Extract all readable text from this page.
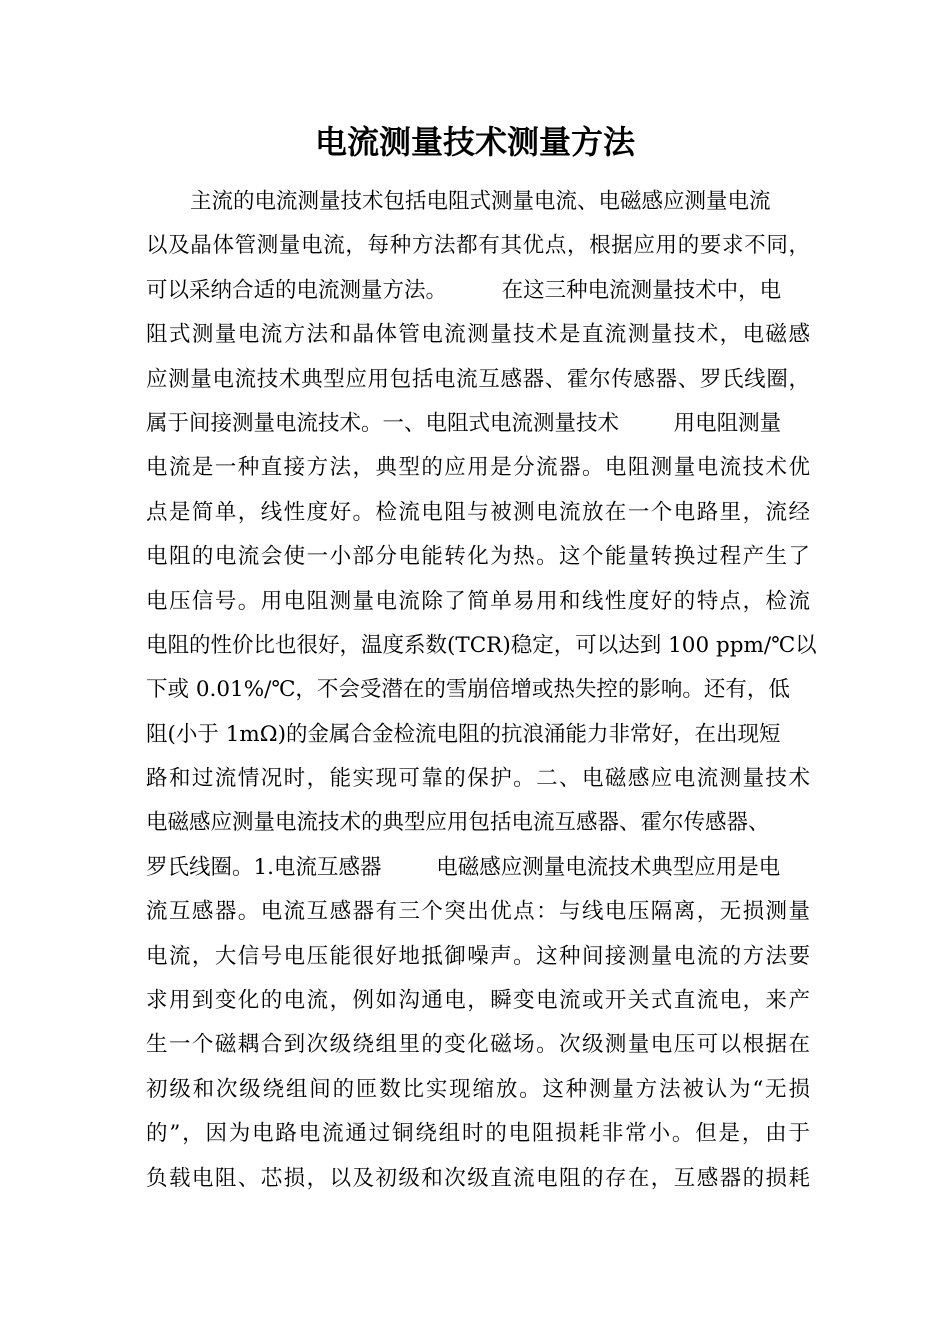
电流测量技术测量方法
主流的电流测量技术包括电阻式测量电流、电磁感应测量电流
以及晶体管测量电流，每种方法都有其优点，根据应用的要求不同，
可以采纳合适的电流测量方法。        在这三种电流测量技术中，电
阻式测量电流方法和晶体管电流测量技术是直流测量技术，电磁感
应测量电流技术典型应用包括电流互感器、霍尔传感器、罗氏线圈，
属于间接测量电流技术。一、电阻式电流测量技术        用电阻测量
电流是一种直接方法，典型的应用是分流器。电阻测量电流技术优
点是简单，线性度好。检流电阻与被测电流放在一个电路里，流经
电阻的电流会使一小部分电能转化为热。这个能量转换过程产生了
电压信号。用电阻测量电流除了简单易用和线性度好的特点，检流
电阻的性价比也很好，温度系数(TCR)稳定，可以达到 100 ppm/℃以
下或 0.01%/℃，不会受潜在的雪崩倍增或热失控的影响。还有，低
阻(小于 1mΩ)的金属合金检流电阻的抗浪涌能力非常好，在出现短
路和过流情况时，能实现可靠的保护。二、电磁感应电流测量技术
电磁感应测量电流技术的典型应用包括电流互感器、霍尔传感器、
罗氏线圈。1.电流互感器        电磁感应测量电流技术典型应用是电
流互感器。电流互感器有三个突出优点：与线电压隔离，无损测量
电流，大信号电压能很好地抵御噪声。这种间接测量电流的方法要
求用到变化的电流，例如沟通电，瞬变电流或开关式直流电，来产
生一个磁耦合到次级绕组里的变化磁场。次级测量电压可以根据在
初级和次级绕组间的匝数比实现缩放。这种测量方法被认为“无损
的”，因为电路电流通过铜绕组时的电阻损耗非常小。但是，由于
负载电阻、芯损，以及初级和次级直流电阻的存在，互感器的损耗
